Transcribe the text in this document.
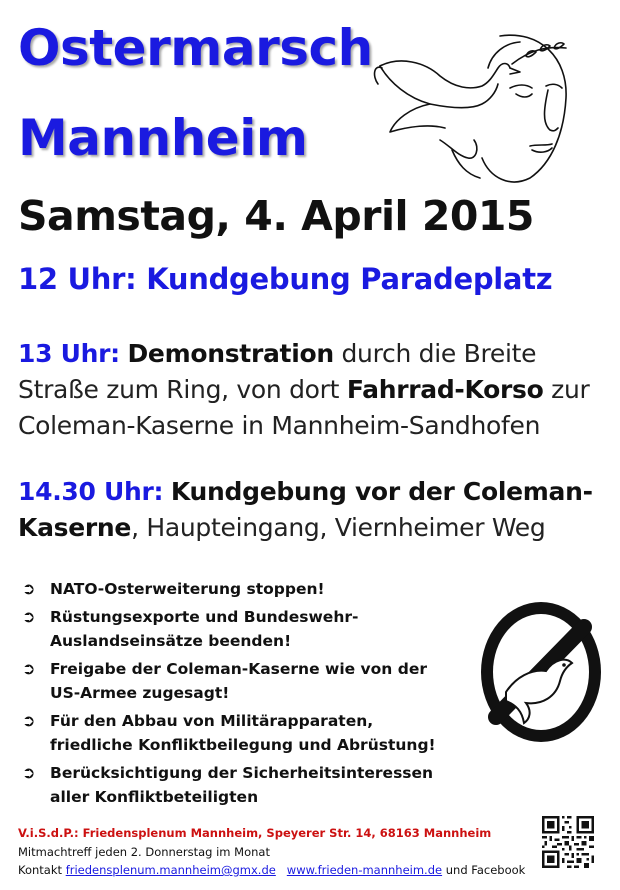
Ostermarsch
Mannheim
Samstag, 4. April 2015
12 Uhr: Kundgebung Paradeplatz
13 Uhr: Demonstration durch die Breite Straße zum Ring, von dort Fahrrad-Korso zur Coleman-Kaserne in Mannheim-Sandhofen
14.30 Uhr: Kundgebung vor der Coleman-Kaserne, Haupteingang, Viernheimer Weg
➲ NATO-Osterweiterung stoppen!
➲ Rüstungsexporte und Bundeswehr-Auslandseinsätze beenden!
➲ Freigabe der Coleman-Kaserne wie von der US-Armee zugesagt!
➲ Für den Abbau von Militärapparaten, friedliche Konfliktbeilegung und Abrüstung!
➲ Berücksichtigung der Sicherheitsinteressen aller Konfliktbeteiligten
V.i.S.d.P.: Friedensplenum Mannheim, Speyerer Str. 14, 68163 Mannheim
Mitmachtreff jeden 2. Donnerstag im Monat
Kontakt friedensplenum.mannheim@gmx.de www.frieden-mannheim.de und Facebook
